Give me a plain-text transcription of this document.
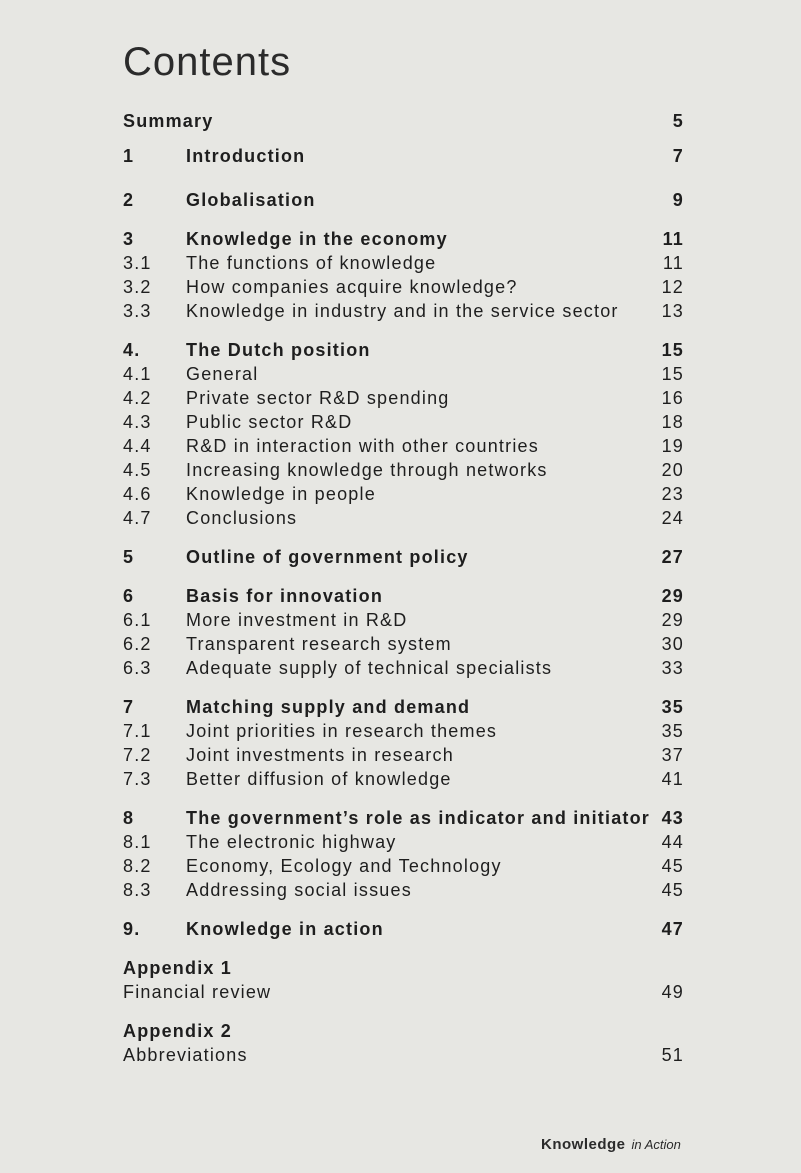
Contents
Summary	5
1	Introduction	7
2	Globalisation	9
3	Knowledge in the economy	11
3.1 The functions of knowledge	11
3.2 How companies acquire knowledge?	12
3.3 Knowledge in industry and in the service sector 13
4.	The Dutch position	15
4.1 General	15
4.2 Private sector R&D spending	16
4.3 Public sector R&D	18
4.4 R&D in interaction with other countries	19
4.5 Increasing knowledge through networks	20
4.6 Knowledge in people	23
4.7 Conclusions	24
5	Outline of government policy	27
6	Basis for innovation	29
6.1 More investment in R&D	29
6.2 Transparent research system	30
6.3 Adequate supply of technical specialists	33
7	Matching supply and demand	35
7.1 Joint priorities in research themes	35
7.2 Joint investments in research	37
7.3 Better diffusion of knowledge	41
8	The government’s role as indicator and initiator 43
8.1 The electronic highway	44
8.2 Economy, Ecology and Technology	45
8.3 Addressing social issues	45
9.	Knowledge in action	47
Appendix 1
Financial review	49
Appendix 2
Abbreviations	51
Knowledge in Action
